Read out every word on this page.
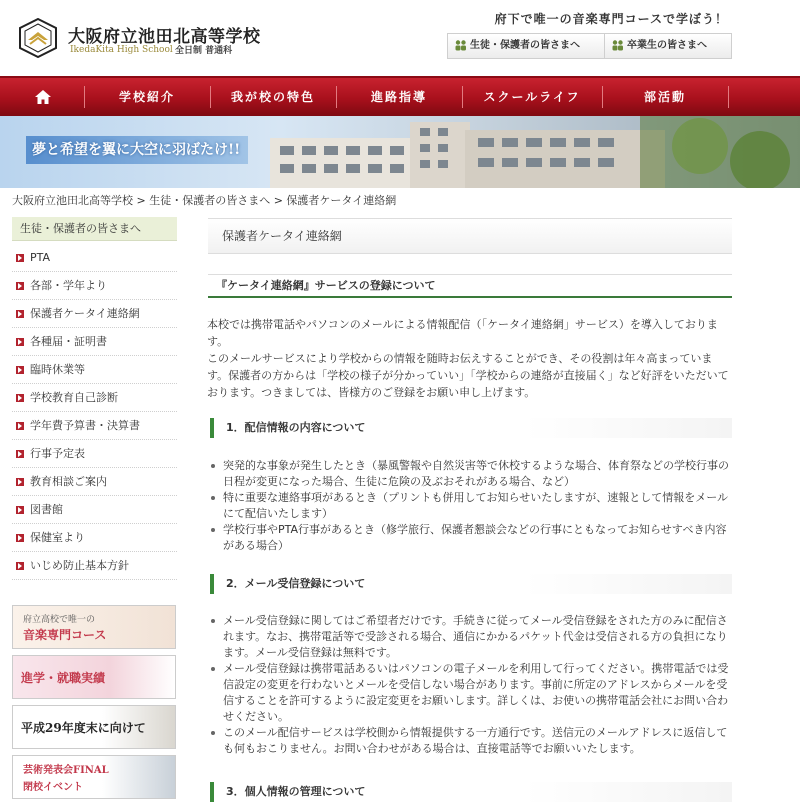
大阪府立池田北高等学校
IkedaKita High School 全日制 普通科
府下で唯一の音楽専門コースで学ぼう！
生徒・保護者の皆さまへ	卒業生の皆さまへ
学校紹介	我が校の特色	進路指導	スクールライフ	部活動
夢と希望を翼に大空に羽ばたけ!!
大阪府立池田北高等学校 > 生徒・保護者の皆さまへ > 保護者ケータイ連絡網
生徒・保護者の皆さまへ
PTA
各部・学年より
保護者ケータイ連絡網
各種届・証明書
臨時休業等
学校教育自己診断
学年費予算書・決算書
行事予定表
教育相談ご案内
図書館
保健室より
いじめ防止基本方針
府立高校で唯一の
音楽専門コース
進学・就職実績
平成29年度末に向けて
芸術発表会FINAL
閉校イベント
保護者ケータイ連絡網
『ケータイ連絡網』サービスの登録について

本校では携帯電話やパソコンのメールによる情報配信（「ケータイ連絡網」サービス）を導入しております。

このメールサービスにより学校からの情報を随時お伝えすることができ、その役割は年々高まっています。保護者の方からは「学校の様子が分かっていい」「学校からの連絡が直接届く」など好評をいただいております。つきましては、皆様方のご登録をお願い申し上げます。

1．配信情報の内容について
突発的な事象が発生したとき（暴風警報や自然災害等で休校するような場合、体育祭などの学校行事の日程が変更になった場合、生徒に危険の及ぶおそれがある場合、など）
特に重要な連絡事項があるとき（プリントも併用してお知らせいたしますが、速報として情報をメールにて配信いたします）
学校行事やPTA行事があるとき（修学旅行、保護者懇談会などの行事にともなってお知らせすべき内容がある場合）
2．メール受信登録について
メール受信登録に関してはご希望者だけです。手続きに従ってメール受信登録をされた方のみに配信されます。なお、携帯電話等で受診される場合、通信にかかるパケット代金は受信される方の負担になります。メール受信登録は無料です。
メール受信登録は携帯電話あるいはパソコンの電子メールを利用して行ってください。携帯電話では受信設定の変更を行わないとメールを受信しない場合があります。事前に所定のアドレスからメールを受信することを許可するように設定変更をお願いします。詳しくは、お使いの携帯電話会社にお問い合わせください。
このメール配信サービスは学校側から情報提供する一方通行です。送信元のメールアドレスに返信しても何もおこりません。お問い合わせがある場合は、直接電話等でお願いいたします。
3．個人情報の管理について
